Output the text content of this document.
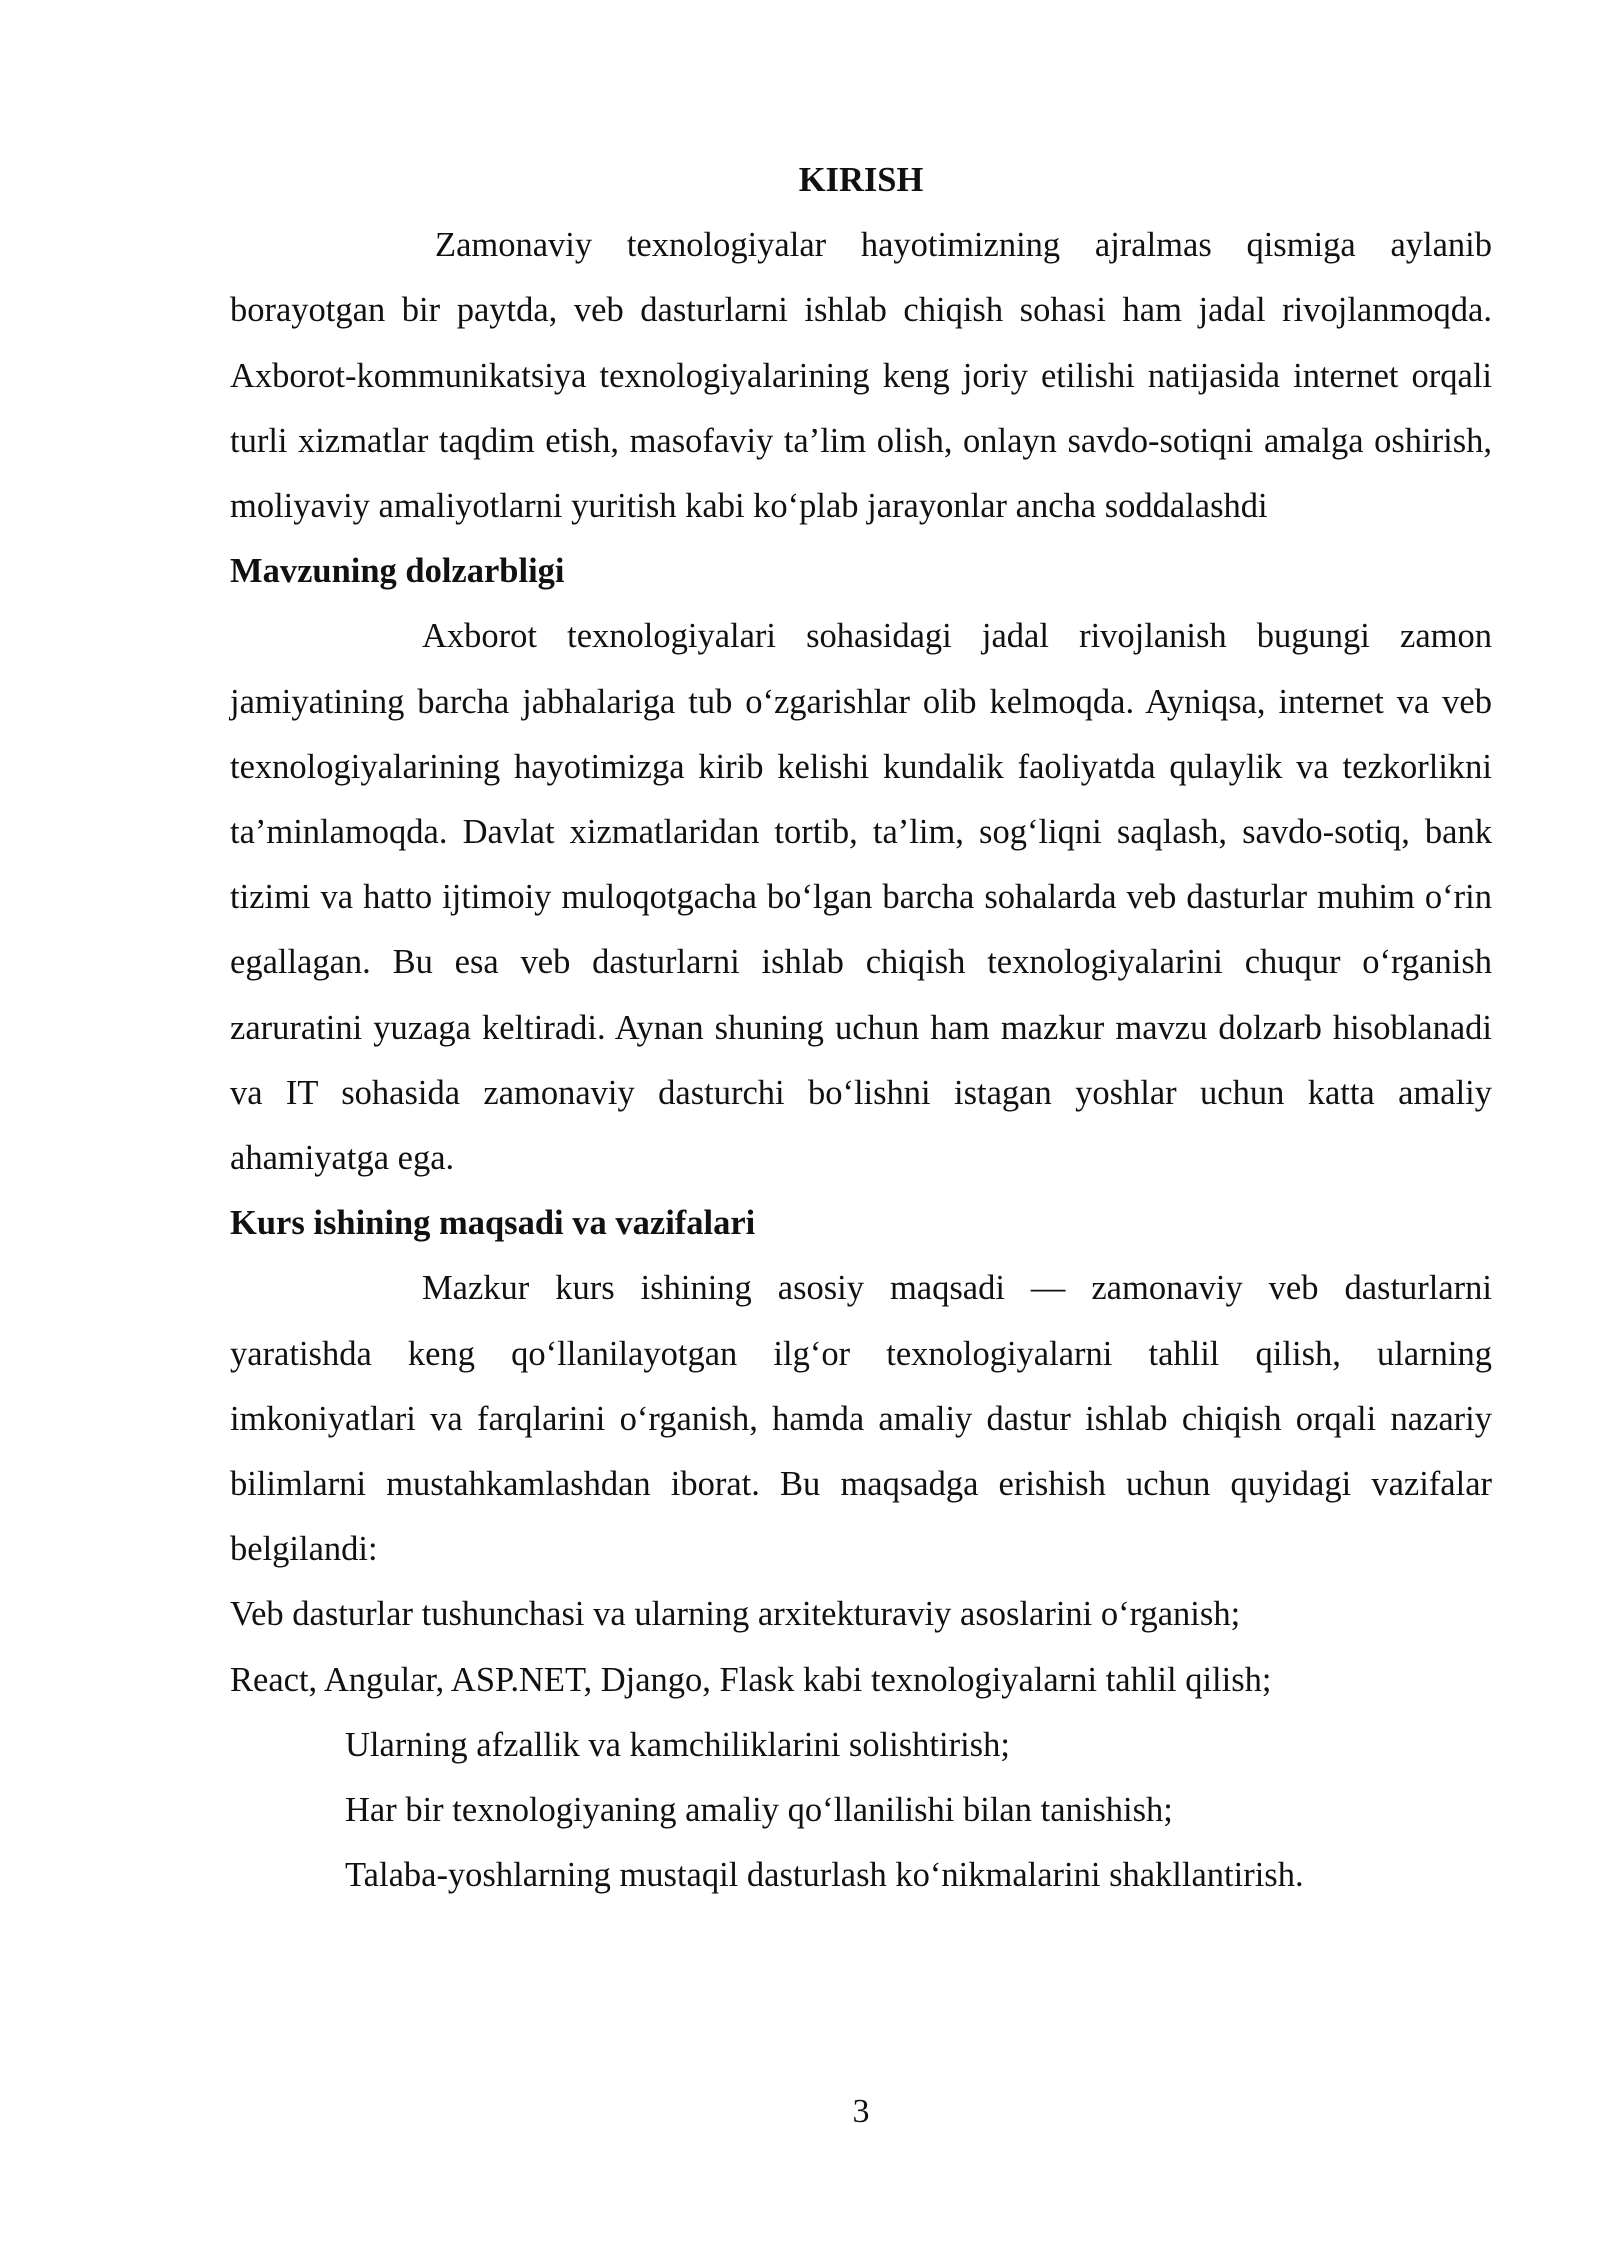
KIRISH

Zamonaviy texnologiyalar hayotimizning ajralmas qismiga aylanib borayotgan bir paytda, veb dasturlarni ishlab chiqish sohasi ham jadal rivojlanmoqda. Axborot-kommunikatsiya texnologiyalarining keng joriy etilishi natijasida internet orqali turli xizmatlar taqdim etish, masofaviy ta’lim olish, onlayn savdo-sotiqni amalga oshirish, moliyaviy amaliyotlarni yuritish kabi ko‘plab jarayonlar ancha soddalashdi

Mavzuning dolzarbligi

Axborot texnologiyalari sohasidagi jadal rivojlanish bugungi zamon jamiyatining barcha jabhalariga tub o‘zgarishlar olib kelmoqda. Ayniqsa, internet va veb texnologiyalarining hayotimizga kirib kelishi kundalik faoliyatda qulaylik va tezkorlikni ta’minlamoqda. Davlat xizmatlaridan tortib, ta’lim, sog‘liqni saqlash, savdo-sotiq, bank tizimi va hatto ijtimoiy muloqotgacha bo‘lgan barcha sohalarda veb dasturlar muhim o‘rin egallagan. Bu esa veb dasturlarni ishlab chiqish texnologiyalarini chuqur o‘rganish zaruratini yuzaga keltiradi. Aynan shuning uchun ham mazkur mavzu dolzarb hisoblanadi va IT sohasida zamonaviy dasturchi bo‘lishni istagan yoshlar uchun katta amaliy ahamiyatga ega.

Kurs ishining maqsadi va vazifalari

Mazkur kurs ishining asosiy maqsadi — zamonaviy veb dasturlarni yaratishda keng qo‘llanilayotgan ilg‘or texnologiyalarni tahlil qilish, ularning imkoniyatlari va farqlarini o‘rganish, hamda amaliy dastur ishlab chiqish orqali nazariy bilimlarni mustahkamlashdan iborat. Bu maqsadga erishish uchun quyidagi vazifalar belgilandi:

Veb dasturlar tushunchasi va ularning arxitekturaviy asoslarini o‘rganish;

React, Angular, ASP.NET, Django, Flask kabi texnologiyalarni tahlil qilish;

Ularning afzallik va kamchiliklarini solishtirish;

Har bir texnologiyaning amaliy qo‘llanilishi bilan tanishish;

Talaba-yoshlarning mustaqil dasturlash ko‘nikmalarini shakllantirish.

3
